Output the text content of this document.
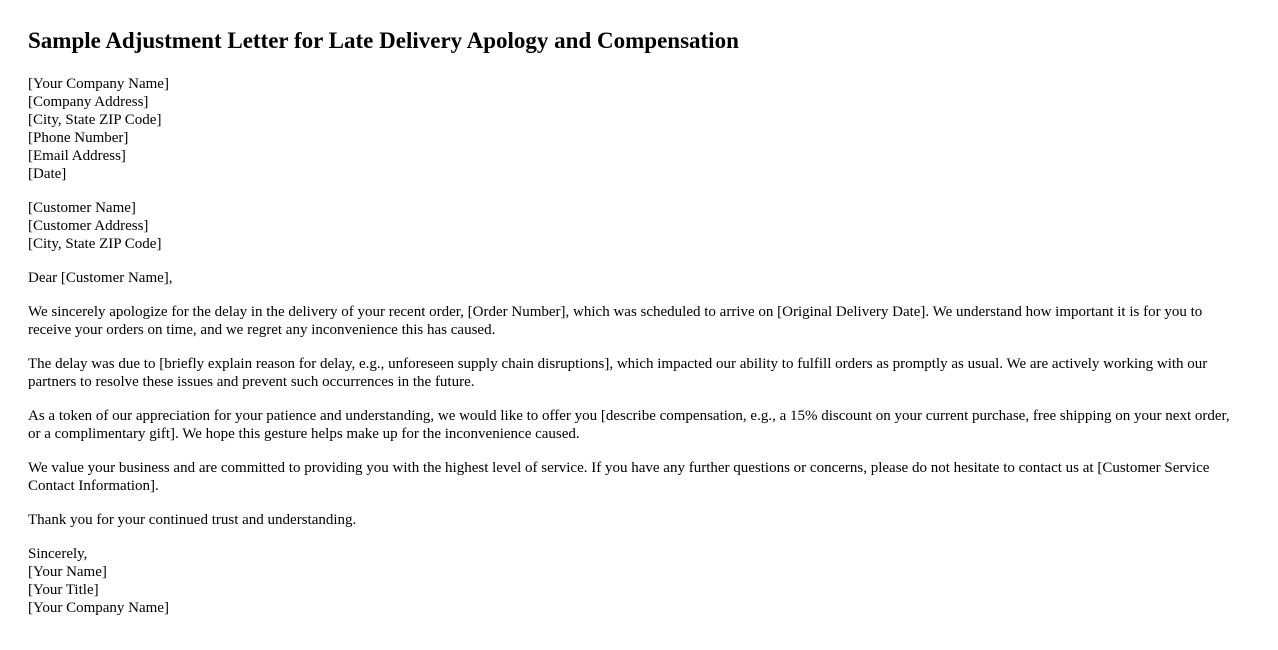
Sample Adjustment Letter for Late Delivery Apology and Compensation
[Your Company Name]
[Company Address]
[City, State ZIP Code]
[Phone Number]
[Email Address]
[Date]
[Customer Name]
[Customer Address]
[City, State ZIP Code]

Dear [Customer Name],

We sincerely apologize for the delay in the delivery of your recent order, [Order Number], which was scheduled to arrive on [Original Delivery Date]. We understand how important it is for you to receive your orders on time, and we regret any inconvenience this has caused.

The delay was due to [briefly explain reason for delay, e.g., unforeseen supply chain disruptions], which impacted our ability to fulfill orders as promptly as usual. We are actively working with our partners to resolve these issues and prevent such occurrences in the future.

As a token of our appreciation for your patience and understanding, we would like to offer you [describe compensation, e.g., a 15% discount on your current purchase, free shipping on your next order, or a complimentary gift]. We hope this gesture helps make up for the inconvenience caused.

We value your business and are committed to providing you with the highest level of service. If you have any further questions or concerns, please do not hesitate to contact us at [Customer Service Contact Information].

Thank you for your continued trust and understanding.

Sincerely,
[Your Name]
[Your Title]
[Your Company Name]
